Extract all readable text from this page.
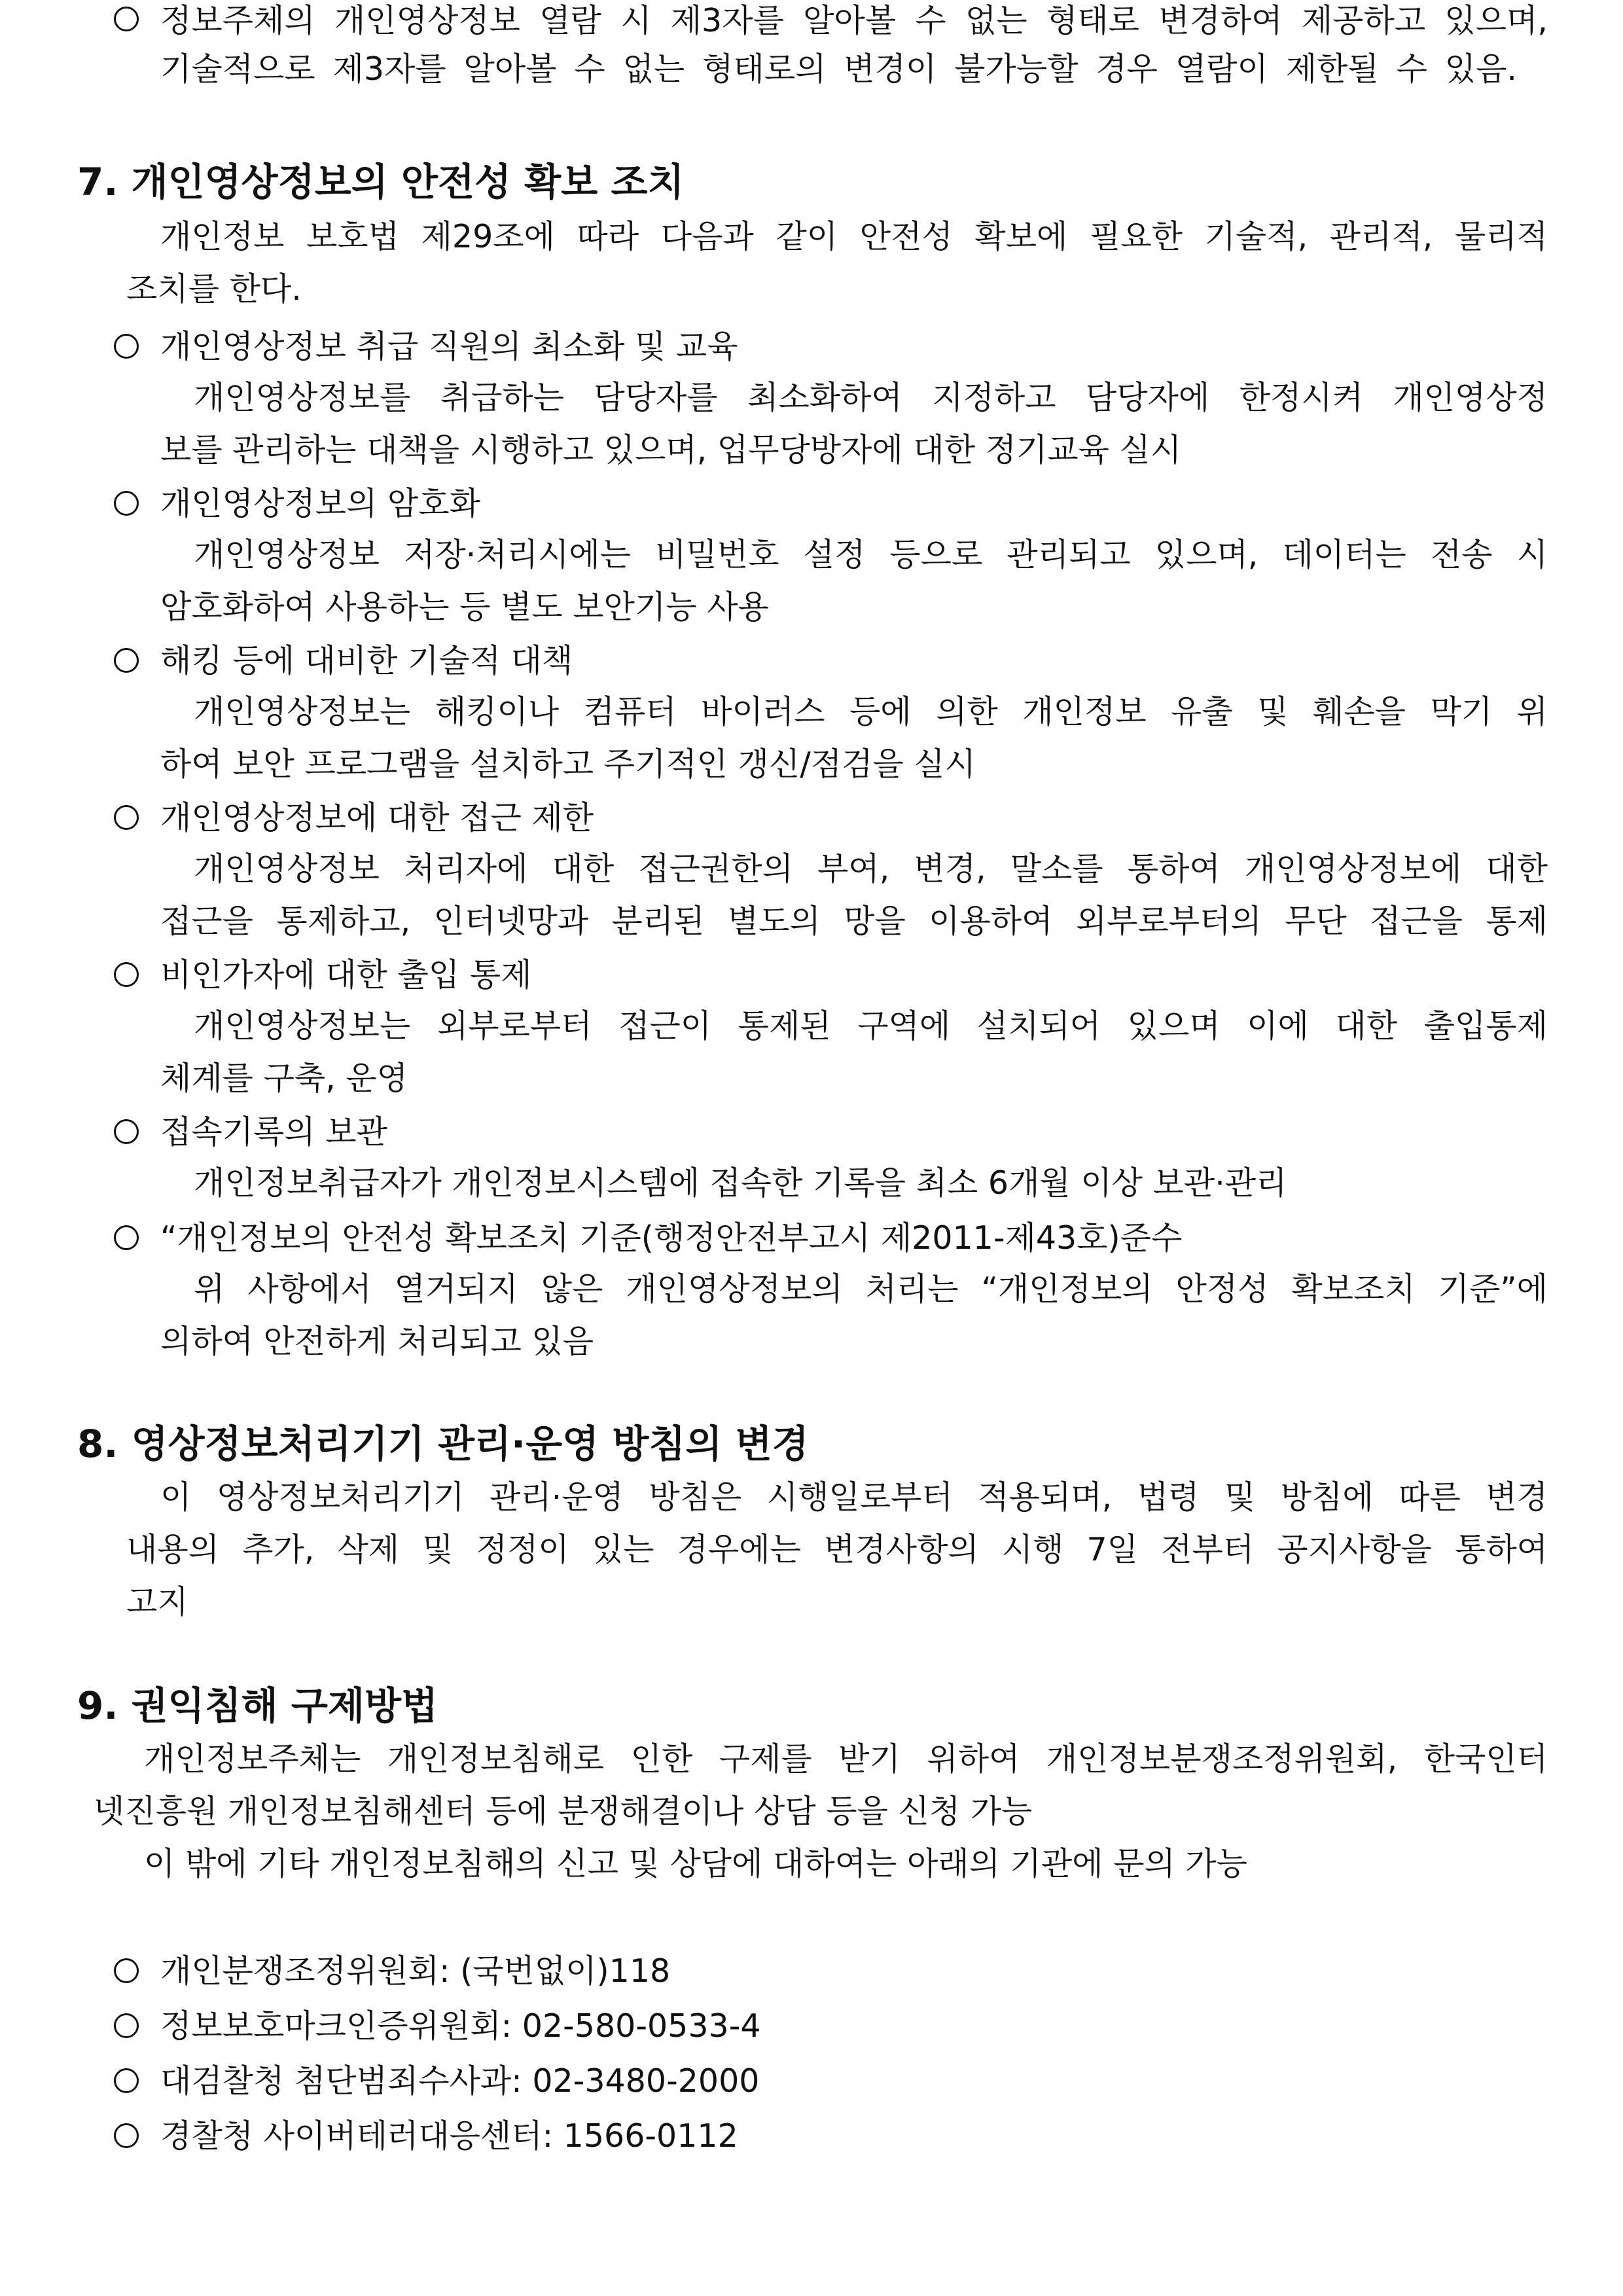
정보주체의 개인영상정보 열람 시 제3자를 알아볼 수 없는 형태로 변경하여 제공하고 있으며,
기술적으로 제3자를 알아볼 수 없는 형태로의 변경이 불가능할 경우 열람이 제한될 수 있음.
7. 개인영상정보의 안전성 확보 조치
개인정보 보호법 제29조에 따라 다음과 같이 안전성 확보에 필요한 기술적, 관리적, 물리적
조치를 한다.
개인영상정보 취급 직원의 최소화 및 교육
개인영상정보를 취급하는 담당자를 최소화하여 지정하고 담당자에 한정시켜 개인영상정
보를 관리하는 대책을 시행하고 있으며, 업무당방자에 대한 정기교육 실시
개인영상정보의 암호화
개인영상정보 저장·처리시에는 비밀번호 설정 등으로 관리되고 있으며, 데이터는 전송 시
암호화하여 사용하는 등 별도 보안기능 사용
해킹 등에 대비한 기술적 대책
개인영상정보는 해킹이나 컴퓨터 바이러스 등에 의한 개인정보 유출 및 훼손을 막기 위
하여 보안 프로그램을 설치하고 주기적인 갱신/점검을 실시
개인영상정보에 대한 접근 제한
개인영상정보 처리자에 대한 접근권한의 부여, 변경, 말소를 통하여 개인영상정보에 대한
접근을 통제하고, 인터넷망과 분리된 별도의 망을 이용하여 외부로부터의 무단 접근을 통제
비인가자에 대한 출입 통제
개인영상정보는 외부로부터 접근이 통제된 구역에 설치되어 있으며 이에 대한 출입통제
체계를 구축, 운영
접속기록의 보관
개인정보취급자가 개인정보시스템에 접속한 기록을 최소 6개월 이상 보관·관리
“개인정보의 안전성 확보조치 기준(행정안전부고시 제2011-제43호)준수
위 사항에서 열거되지 않은 개인영상정보의 처리는 “개인정보의 안정성 확보조치 기준”에
의하여 안전하게 처리되고 있음
8. 영상정보처리기기 관리·운영 방침의 변경
이 영상정보처리기기 관리·운영 방침은 시행일로부터 적용되며, 법령 및 방침에 따른 변경
내용의 추가, 삭제 및 정정이 있는 경우에는 변경사항의 시행 7일 전부터 공지사항을 통하여
고지
9. 권익침해 구제방법
개인정보주체는 개인정보침해로 인한 구제를 받기 위하여 개인정보분쟁조정위원회, 한국인터
넷진흥원 개인정보침해센터 등에 분쟁해결이나 상담 등을 신청 가능
이 밖에 기타 개인정보침해의 신고 및 상담에 대하여는 아래의 기관에 문의 가능
개인분쟁조정위원회: (국번없이)118
정보보호마크인증위원회: 02-580-0533-4
대검찰청 첨단범죄수사과: 02-3480-2000
경찰청 사이버테러대응센터: 1566-0112
